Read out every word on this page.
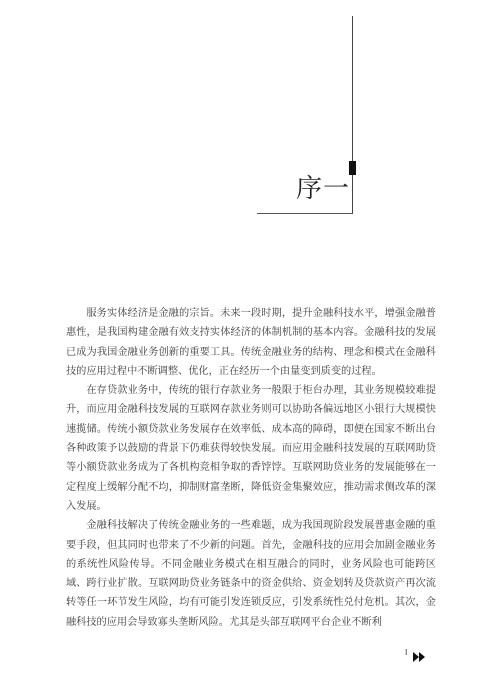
序一

服务实体经济是金融的宗旨。未来一段时期，提升金融科技水平，增强金融普惠性，是我国构建金融有效支持实体经济的体制机制的基本内容。金融科技的发展已成为我国金融业务创新的重要工具。传统金融业务的结构、理念和模式在金融科技的应用过程中不断调整、优化，正在经历一个由量变到质变的过程。

在存贷款业务中，传统的银行存款业务一般限于柜台办理，其业务规模较难提升，而应用金融科技发展的互联网存款业务则可以协助各偏远地区小银行大规模快速揽储。传统小额贷款业务发展存在效率低、成本高的障碍，即便在国家不断出台各种政策予以鼓励的背景下仍难获得较快发展。而应用金融科技发展的互联网助贷等小额贷款业务成为了各机构竞相争取的香饽饽。互联网助贷业务的发展能够在一定程度上缓解分配不均，抑制财富垄断，降低资金集聚效应，推动需求侧改革的深入发展。

金融科技解决了传统金融业务的一些难题，成为我国现阶段发展普惠金融的重要手段，但其同时也带来了不少新的问题。首先，金融科技的应用会加剧金融业务的系统性风险传导。不同金融业务模式在相互融合的同时，业务风险也可能跨区域、跨行业扩散。互联网助贷业务链条中的资金供给、资金划转及贷款资产再次流转等任一环节发生风险，均有可能引发连锁反应，引发系统性兑付危机。其次，金融科技的应用会导致寡头垄断风险。尤其是头部互联网平台企业不断利

I
